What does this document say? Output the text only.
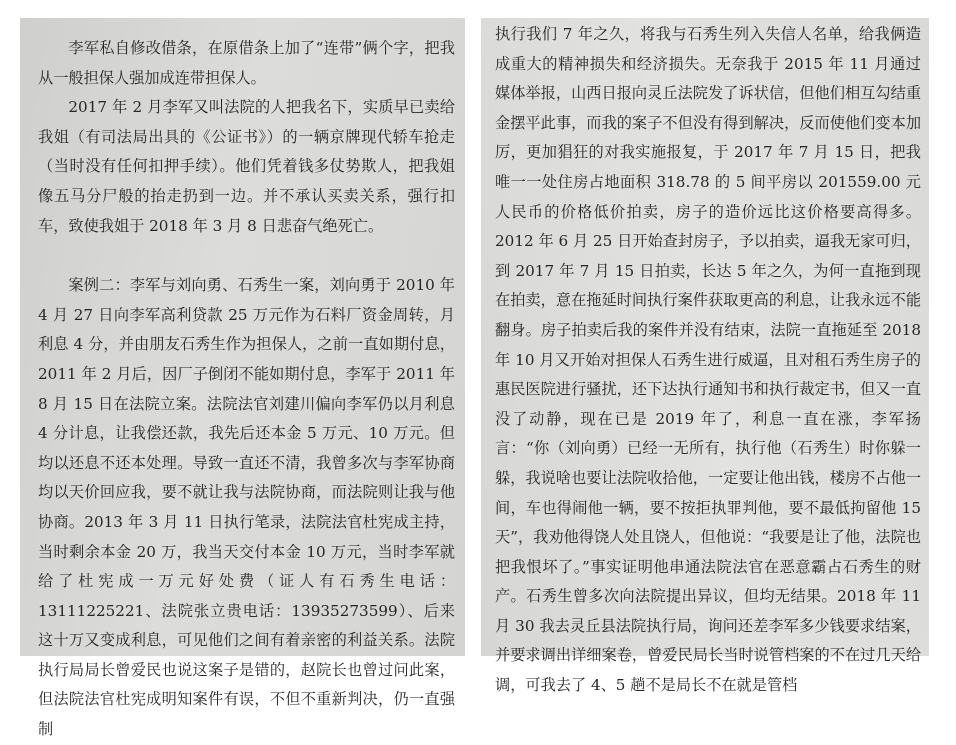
李军私自修改借条，在原借条上加了“连带”俩个字，把我从一般担保人强加成连带担保人。

2017 年 2 月李军又叫法院的人把我名下，实质早已卖给我姐（有司法局出具的《公证书》）的一辆京牌现代轿车抢走（当时没有任何扣押手续）。他们凭着钱多仗势欺人，把我姐像五马分尸般的抬走扔到一边。并不承认买卖关系，强行扣车，致使我姐于 2018 年 3 月 8 日悲奋气绝死亡。

案例二：李军与刘向勇、石秀生一案，刘向勇于 2010 年 4 月 27 日向李军高利贷款 25 万元作为石料厂资金周转，月利息 4 分，并由朋友石秀生作为担保人，之前一直如期付息，2011 年 2 月后，因厂子倒闭不能如期付息，李军于 2011 年 8 月 15 日在法院立案。法院法官刘建川偏向李军仍以月利息 4 分计息，让我偿还款，我先后还本金 5 万元、10 万元。但均以还息不还本处理。导致一直还不清，我曾多次与李军协商均以天价回应我，要不就让我与法院协商，而法院则让我与他协商。2013 年 3 月 11 日执行笔录，法院法官杜宪成主持，当时剩余本金 20 万，我当天交付本金 10 万元，当时李军就给了杜宪成一万元好处费（证人有石秀生电话：13111225221、法院张立贵电话：13935273599）、后来这十万又变成利息，可见他们之间有着亲密的利益关系。法院执行局局长曾爱民也说这案子是错的，赵院长也曾过问此案，但法院法官杜宪成明知案件有误，不但不重新判决，仍一直强制

执行我们 7 年之久，将我与石秀生列入失信人名单，给我俩造成重大的精神损失和经济损失。无奈我于 2015 年 11 月通过媒体举报，山西日报向灵丘法院发了诉状信，但他们相互勾结重金摆平此事，而我的案子不但没有得到解决，反而使他们变本加厉，更加猖狂的对我实施报复，于 2017 年 7 月 15 日，把我唯一一处住房占地面积 318.78 的 5 间平房以 201559.00 元人民币的价格低价拍卖，房子的造价远比这价格要高得多。2012 年 6 月 25 日开始查封房子，予以拍卖，逼我无家可归，到 2017 年 7 月 15 日拍卖，长达 5 年之久，为何一直拖到现在拍卖，意在拖延时间执行案件获取更高的利息，让我永远不能翻身。房子拍卖后我的案件并没有结束，法院一直拖延至 2018 年 10 月又开始对担保人石秀生进行威逼，且对租石秀生房子的惠民医院进行骚扰，还下达执行通知书和执行裁定书，但又一直没了动静，现在已是 2019 年了，利息一直在涨，李军扬言：“你（刘向勇）已经一无所有，执行他（石秀生）时你躲一躲，我说啥也要让法院收拾他，一定要让他出钱，楼房不占他一间，车也得闹他一辆，要不按拒执罪判他，要不最低拘留他 15 天”，我劝他得饶人处且饶人，但他说：“我要是让了他，法院也把我恨坏了。”事实证明他串通法院法官在恶意霸占石秀生的财产。石秀生曾多次向法院提出异议，但均无结果。2018 年 11 月 30 我去灵丘县法院执行局，询问还差李军多少钱要求结案，并要求调出详细案卷，曾爱民局长当时说管档案的不在过几天给调，可我去了 4、5 趟不是局长不在就是管档
